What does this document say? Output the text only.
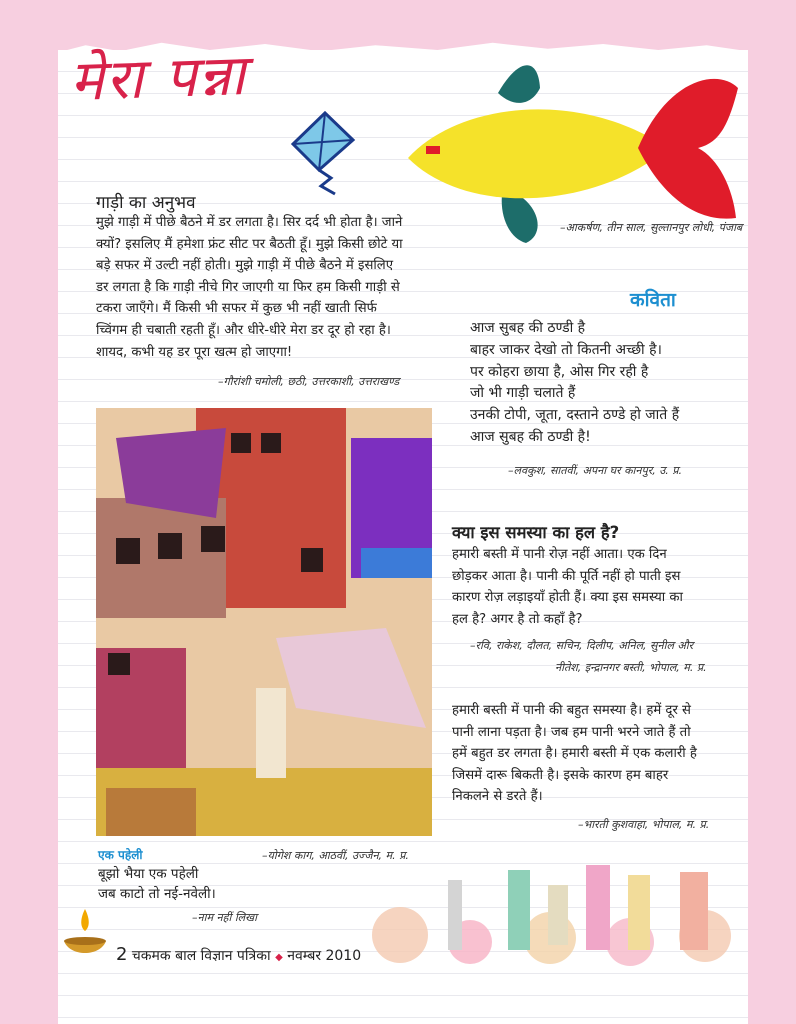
मेरा पन्ना
गाड़ी का अनुभव
मुझे गाड़ी में पीछे बैठने में डर लगता है। सिर दर्द भी होता है। जाने
क्यों? इसलिए मैं हमेशा फ्रंट सीट पर बैठती हूँ। मुझे किसी छोटे या
बड़े सफर में उल्टी नहीं होती। मुझे गाड़ी में पीछे बैठने में इसलिए
डर लगता है कि गाड़ी नीचे गिर जाएगी या फिर हम किसी गाड़ी से
टकरा जाएँगे। मैं किसी भी सफर में कुछ भी नहीं खाती सिर्फ
च्विंगम ही चबाती रहती हूँ। और धीरे-धीरे मेरा डर दूर हो रहा है।
शायद, कभी यह डर पूरा खत्म हो जाएगा!
–गौरांशी चमोली, छठी, उत्तरकाशी, उत्तराखण्ड
–आकर्षण, तीन साल, सुल्तानपुर लोधी, पंजाब
कविता
आज सुबह की ठण्डी है
बाहर जाकर देखो तो कितनी अच्छी है।
पर कोहरा छाया है, ओस गिर रही है
जो भी गाड़ी चलाते हैं
उनकी टोपी, जूता, दस्ताने ठण्डे हो जाते हैं
आज सुबह की ठण्डी है!
–लवकुश, सातवीं, अपना घर कानपुर, उ. प्र.
–योगेश काग, आठवीं, उज्जैन, म. प्र.
क्या इस समस्या का हल है?
हमारी बस्ती में पानी रोज़ नहीं आता। एक दिन
छोड़कर आता है। पानी की पूर्ति नहीं हो पाती इस
कारण रोज़ लड़ाइयाँ होती हैं। क्या इस समस्या का
हल है? अगर है तो कहाँ है?
–रवि, राकेश, दौलत, सचिन, दिलीप, अनिल, सुनील और
नीतेश, इन्द्रानगर बस्ती, भोपाल, म. प्र.
हमारी बस्ती में पानी की बहुत समस्या है। हमें दूर से
पानी लाना पड़ता है। जब हम पानी भरने जाते हैं तो
हमें बहुत डर लगता है। हमारी बस्ती में एक कलारी है
जिसमें दारू बिकती है। इसके कारण हम बाहर
निकलने से डरते हैं।
–भारती कुशवाहा, भोपाल, म. प्र.
एक पहेली
बूझो भैया एक पहेली
जब काटो तो नई-नवेली।
–नाम नहीं लिखा
2 चकमक बाल विज्ञान पत्रिका ◆ नवम्बर 2010
